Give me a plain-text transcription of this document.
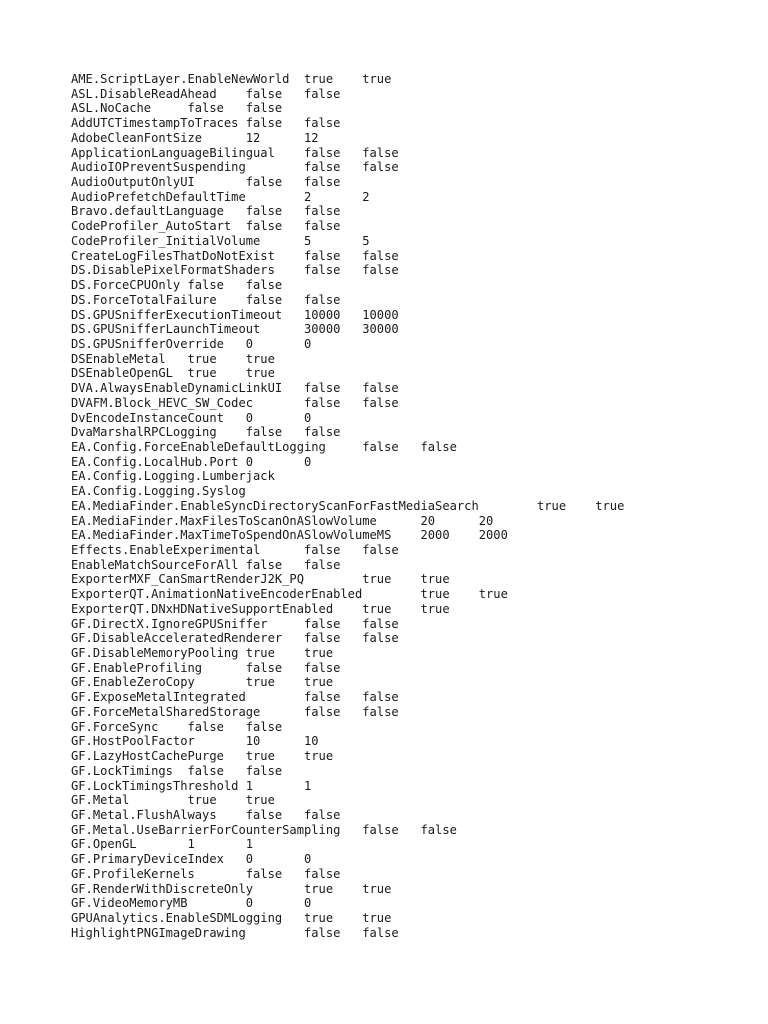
AME.ScriptLayer.EnableNewWorld	true	true
ASL.DisableReadAhead	false	false
ASL.NoCache	false	false
AddUTCTimestampToTraces	false	false
AdobeCleanFontSize	12	12
ApplicationLanguageBilingual	false	false
AudioIOPreventSuspending	false	false
AudioOutputOnlyUI	false	false
AudioPrefetchDefaultTime	2	2
Bravo.defaultLanguage	false	false
CodeProfiler_AutoStart	false	false
CodeProfiler_InitialVolume	5	5
CreateLogFilesThatDoNotExist	false	false
DS.DisablePixelFormatShaders	false	false
DS.ForceCPUOnly	false	false
DS.ForceTotalFailure	false	false
DS.GPUSnifferExecutionTimeout	10000	10000
DS.GPUSnifferLaunchTimeout	30000	30000
DS.GPUSnifferOverride	0	0
DSEnableMetal	true	true
DSEnableOpenGL	true	true
DVA.AlwaysEnableDynamicLinkUI	false	false
DVAFM.Block_HEVC_SW_Codec	false	false
DvEncodeInstanceCount	0	0
DvaMarshalRPCLogging	false	false
EA.Config.ForceEnableDefaultLogging	false	false
EA.Config.LocalHub.Port	0	0
EA.Config.Logging.Lumberjack
EA.Config.Logging.Syslog
EA.MediaFinder.EnableSyncDirectoryScanForFastMediaSearch	true	true
EA.MediaFinder.MaxFilesToScanOnASlowVolume	20	20
EA.MediaFinder.MaxTimeToSpendOnASlowVolumeMS	2000	2000
Effects.EnableExperimental	false	false
EnableMatchSourceForAll	false	false
ExporterMXF_CanSmartRenderJ2K_PQ	true	true
ExporterQT.AnimationNativeEncoderEnabled	true	true
ExporterQT.DNxHDNativeSupportEnabled	true	true
GF.DirectX.IgnoreGPUSniffer	false	false
GF.DisableAcceleratedRenderer	false	false
GF.DisableMemoryPooling	true	true
GF.EnableProfiling	false	false
GF.EnableZeroCopy	true	true
GF.ExposeMetalIntegrated	false	false
GF.ForceMetalSharedStorage	false	false
GF.ForceSync	false	false
GF.HostPoolFactor	10	10
GF.LazyHostCachePurge	true	true
GF.LockTimings	false	false
GF.LockTimingsThreshold	1	1
GF.Metal	true	true
GF.Metal.FlushAlways	false	false
GF.Metal.UseBarrierForCounterSampling	false	false
GF.OpenGL	1	1
GF.PrimaryDeviceIndex	0	0
GF.ProfileKernels	false	false
GF.RenderWithDiscreteOnly	true	true
GF.VideoMemoryMB	0	0
GPUAnalytics.EnableSDMLogging	true	true
HighlightPNGImageDrawing	false	false
